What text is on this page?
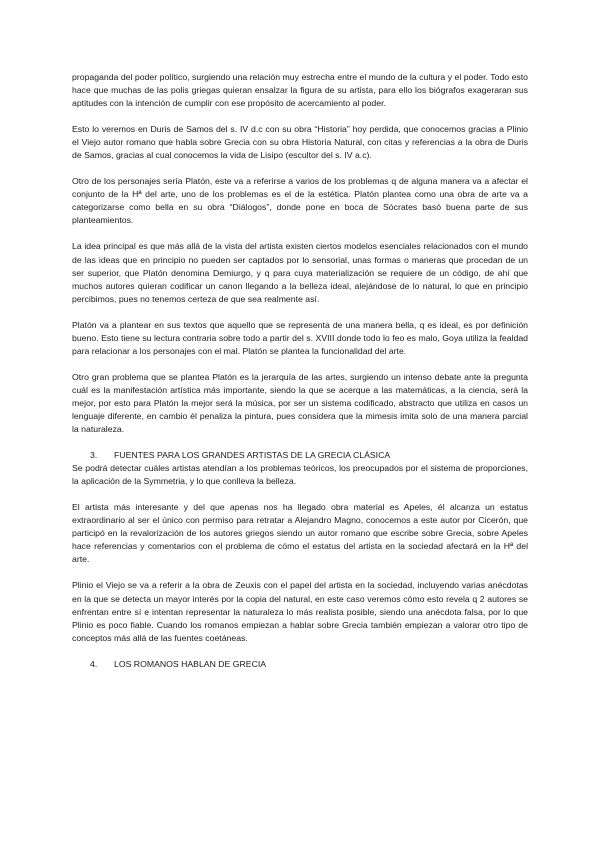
propaganda del poder político, surgiendo una relación muy estrecha entre el mundo de la cultura y el poder. Todo esto hace que muchas de las polis griegas quieran ensalzar la figura de su artista, para ello los biógrafos exageraran sus aptitudes con la intención de cumplir con ese propósito de acercamiento al poder.

Esto lo veremos en Duris de Samos del s. IV d.c con su obra “Historia” hoy perdida, que conocemos gracias a Plinio el Viejo autor romano que habla sobre Grecia con su obra Historia Natural, con citas y referencias a la obra de Duris de Samos, gracias al cual conocemos la vida de Lisipo (escultor del s. IV a.c).

Otro de los personajes sería Platón, este va a referirse a varios de los problemas q de alguna manera va a afectar el conjunto de la Hª del arte, uno de los problemas es el de la estética. Platón plantea como una obra de arte va a categorizarse como bella en su obra “Diálogos”, donde pone en boca de Sócrates basó buena parte de sus planteamientos.

La idea principal es que más allá de la vista del artista existen ciertos modelos esenciales relacionados con el mundo de las ideas que en principio no pueden ser captados por lo sensorial, unas formas o maneras que procedan de un ser superior, que Platón denomina Demiurgo, y q para cuya materialización se requiere de un código, de ahí que muchos autores quieran codificar un canon llegando a la belleza ideal, alejándose de lo natural, lo que en principio percibimos, pues no tenemos certeza de que sea realmente así.

Platón va a plantear en sus textos que aquello que se representa de una manera bella, q es ideal, es por definición bueno. Esto tiene su lectura contraria sobre todo a partir del s. XVIII donde todo lo feo es malo, Goya utiliza la fealdad para relacionar a los personajes con el mal. Platón se plantea la funcionalidad del arte.

Otro gran problema que se plantea Platón es la jerarquía de las artes, surgiendo un intenso debate ante la pregunta cuál es la manifestación artística más importante, siendo la que se acerque a las matemáticas, a la ciencia, será la mejor, por esto para Platón la mejor será la música, por ser un sistema codificado, abstracto que utiliza en casos un lenguaje diferente, en cambio él penaliza la pintura, pues considera que la mimesis imita solo de una manera parcial la naturaleza.

3. FUENTES PARA LOS GRANDES ARTISTAS DE LA GRECIA CLÁSICA

Se podrá detectar cuáles artistas atendían a los problemas teóricos, los preocupados por el sistema de proporciones, la aplicación de la Symmetria, y lo que conlleva la belleza.

El artista más interesante y del que apenas nos ha llegado obra material es Apeles, él alcanza un estatus extraordinario al ser el único con permiso para retratar a Alejandro Magno, conocemos a este autor por Cicerón, que participó en la revalorización de los autores griegos siendo un autor romano que escribe sobre Grecia, sobre Apeles hace referencias y comentarios con el problema de cómo el estatus del artista en la sociedad afectará en la Hª del arte.

Plinio el Viejo se va a referir a la obra de Zeuxis con el papel del artista en la sociedad, incluyendo varias anécdotas en la que se detecta un mayor interés por la copia del natural, en este caso veremos cómo esto revela q 2 autores se enfrentan entre sí e intentan representar la naturaleza lo más realista posible, siendo una anécdota falsa, por lo que Plinio es poco fiable. Cuando los romanos empiezan a hablar sobre Grecia también empiezan a valorar otro tipo de conceptos más allá de las fuentes coetáneas.

4. LOS ROMANOS HABLAN DE GRECIA
